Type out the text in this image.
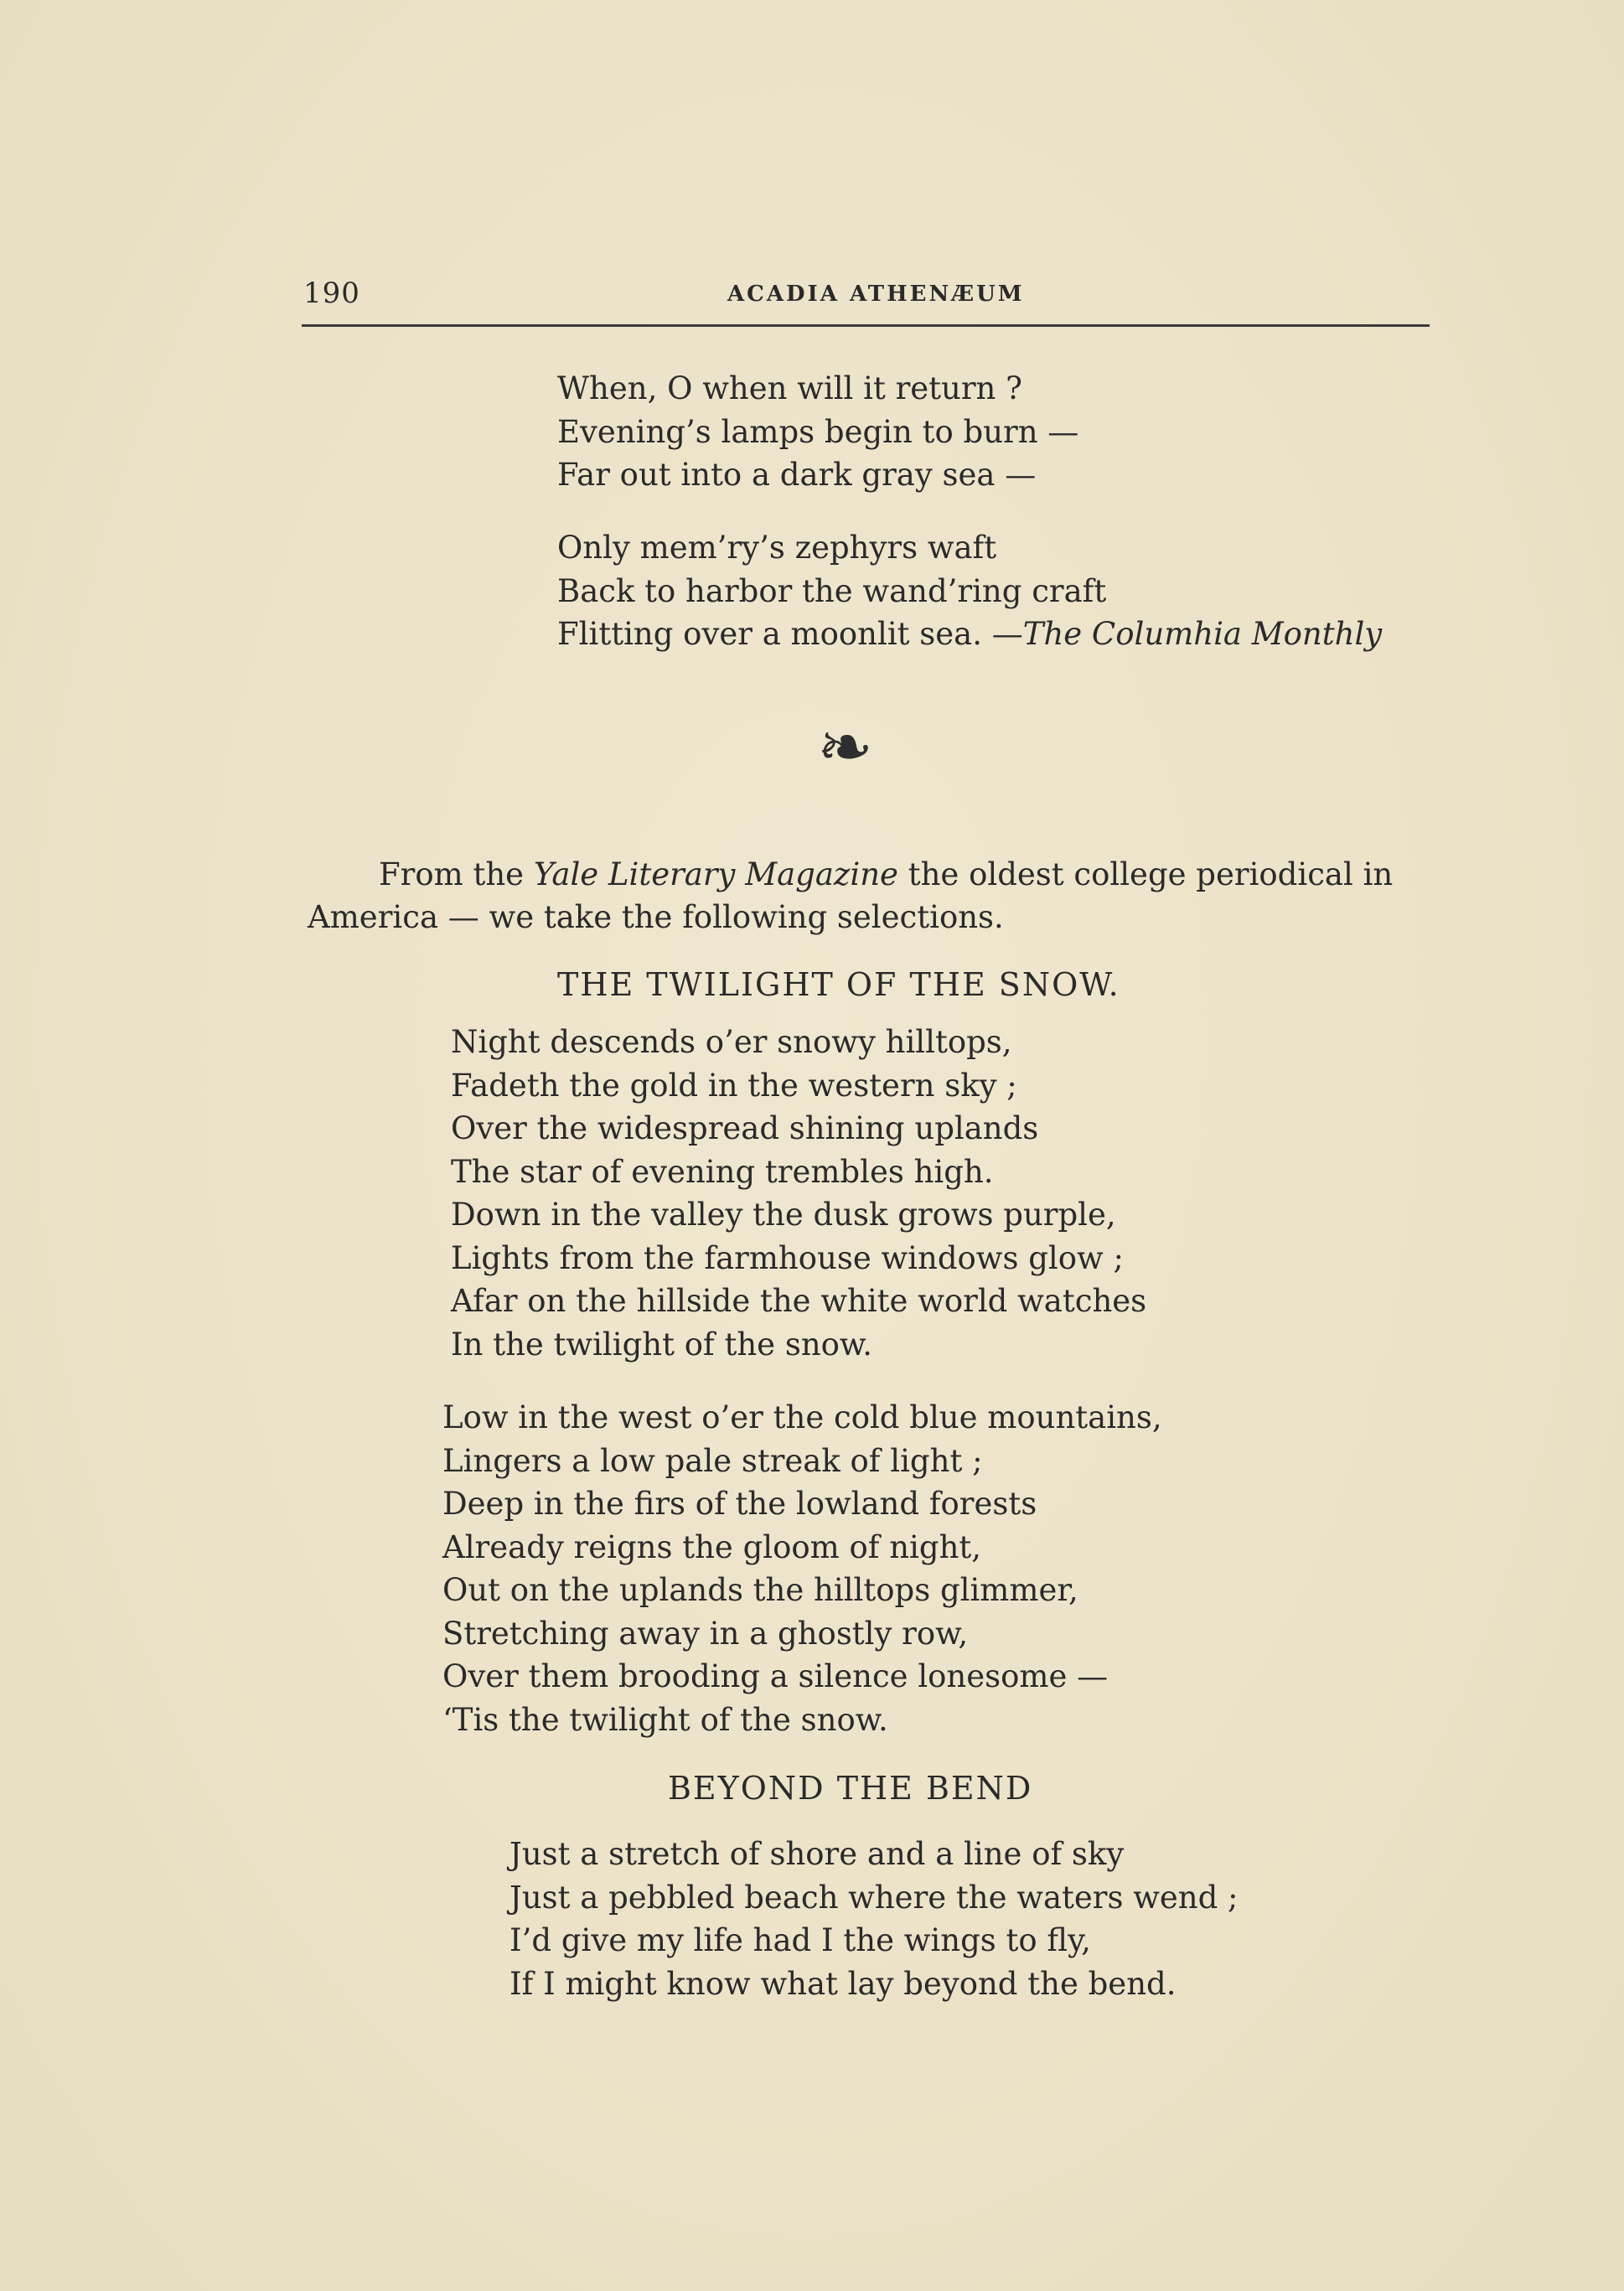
190	ACADIA ATHENÆUM
When, O when will it return ?
Evening’s lamps begin to burn —
Far out into a dark gray sea —
Only mem’ry’s zephyrs waft
Back to harbor the wand’ring craft
Flitting over a moonlit sea. —The Columhia Monthly
❧
From the Yale Literary Magazine the oldest college periodical in
America — we take the following selections.
THE TWILIGHT OF THE SNOW.
Night descends o’er snowy hilltops,
Fadeth the gold in the western sky ;
Over the widespread shining uplands
The star of evening trembles high.
Down in the valley the dusk grows purple,
Lights from the farmhouse windows glow ;
Afar on the hillside the white world watches
In the twilight of the snow.
Low in the west o’er the cold blue mountains,
Lingers a low pale streak of light ;
Deep in the firs of the lowland forests
Already reigns the gloom of night,
Out on the uplands the hilltops glimmer,
Stretching away in a ghostly row,
Over them brooding a silence lonesome —
‘Tis the twilight of the snow.
BEYOND THE BEND
Just a stretch of shore and a line of sky
Just a pebbled beach where the waters wend ;
I’d give my life had I the wings to fly,
If I might know what lay beyond the bend.
